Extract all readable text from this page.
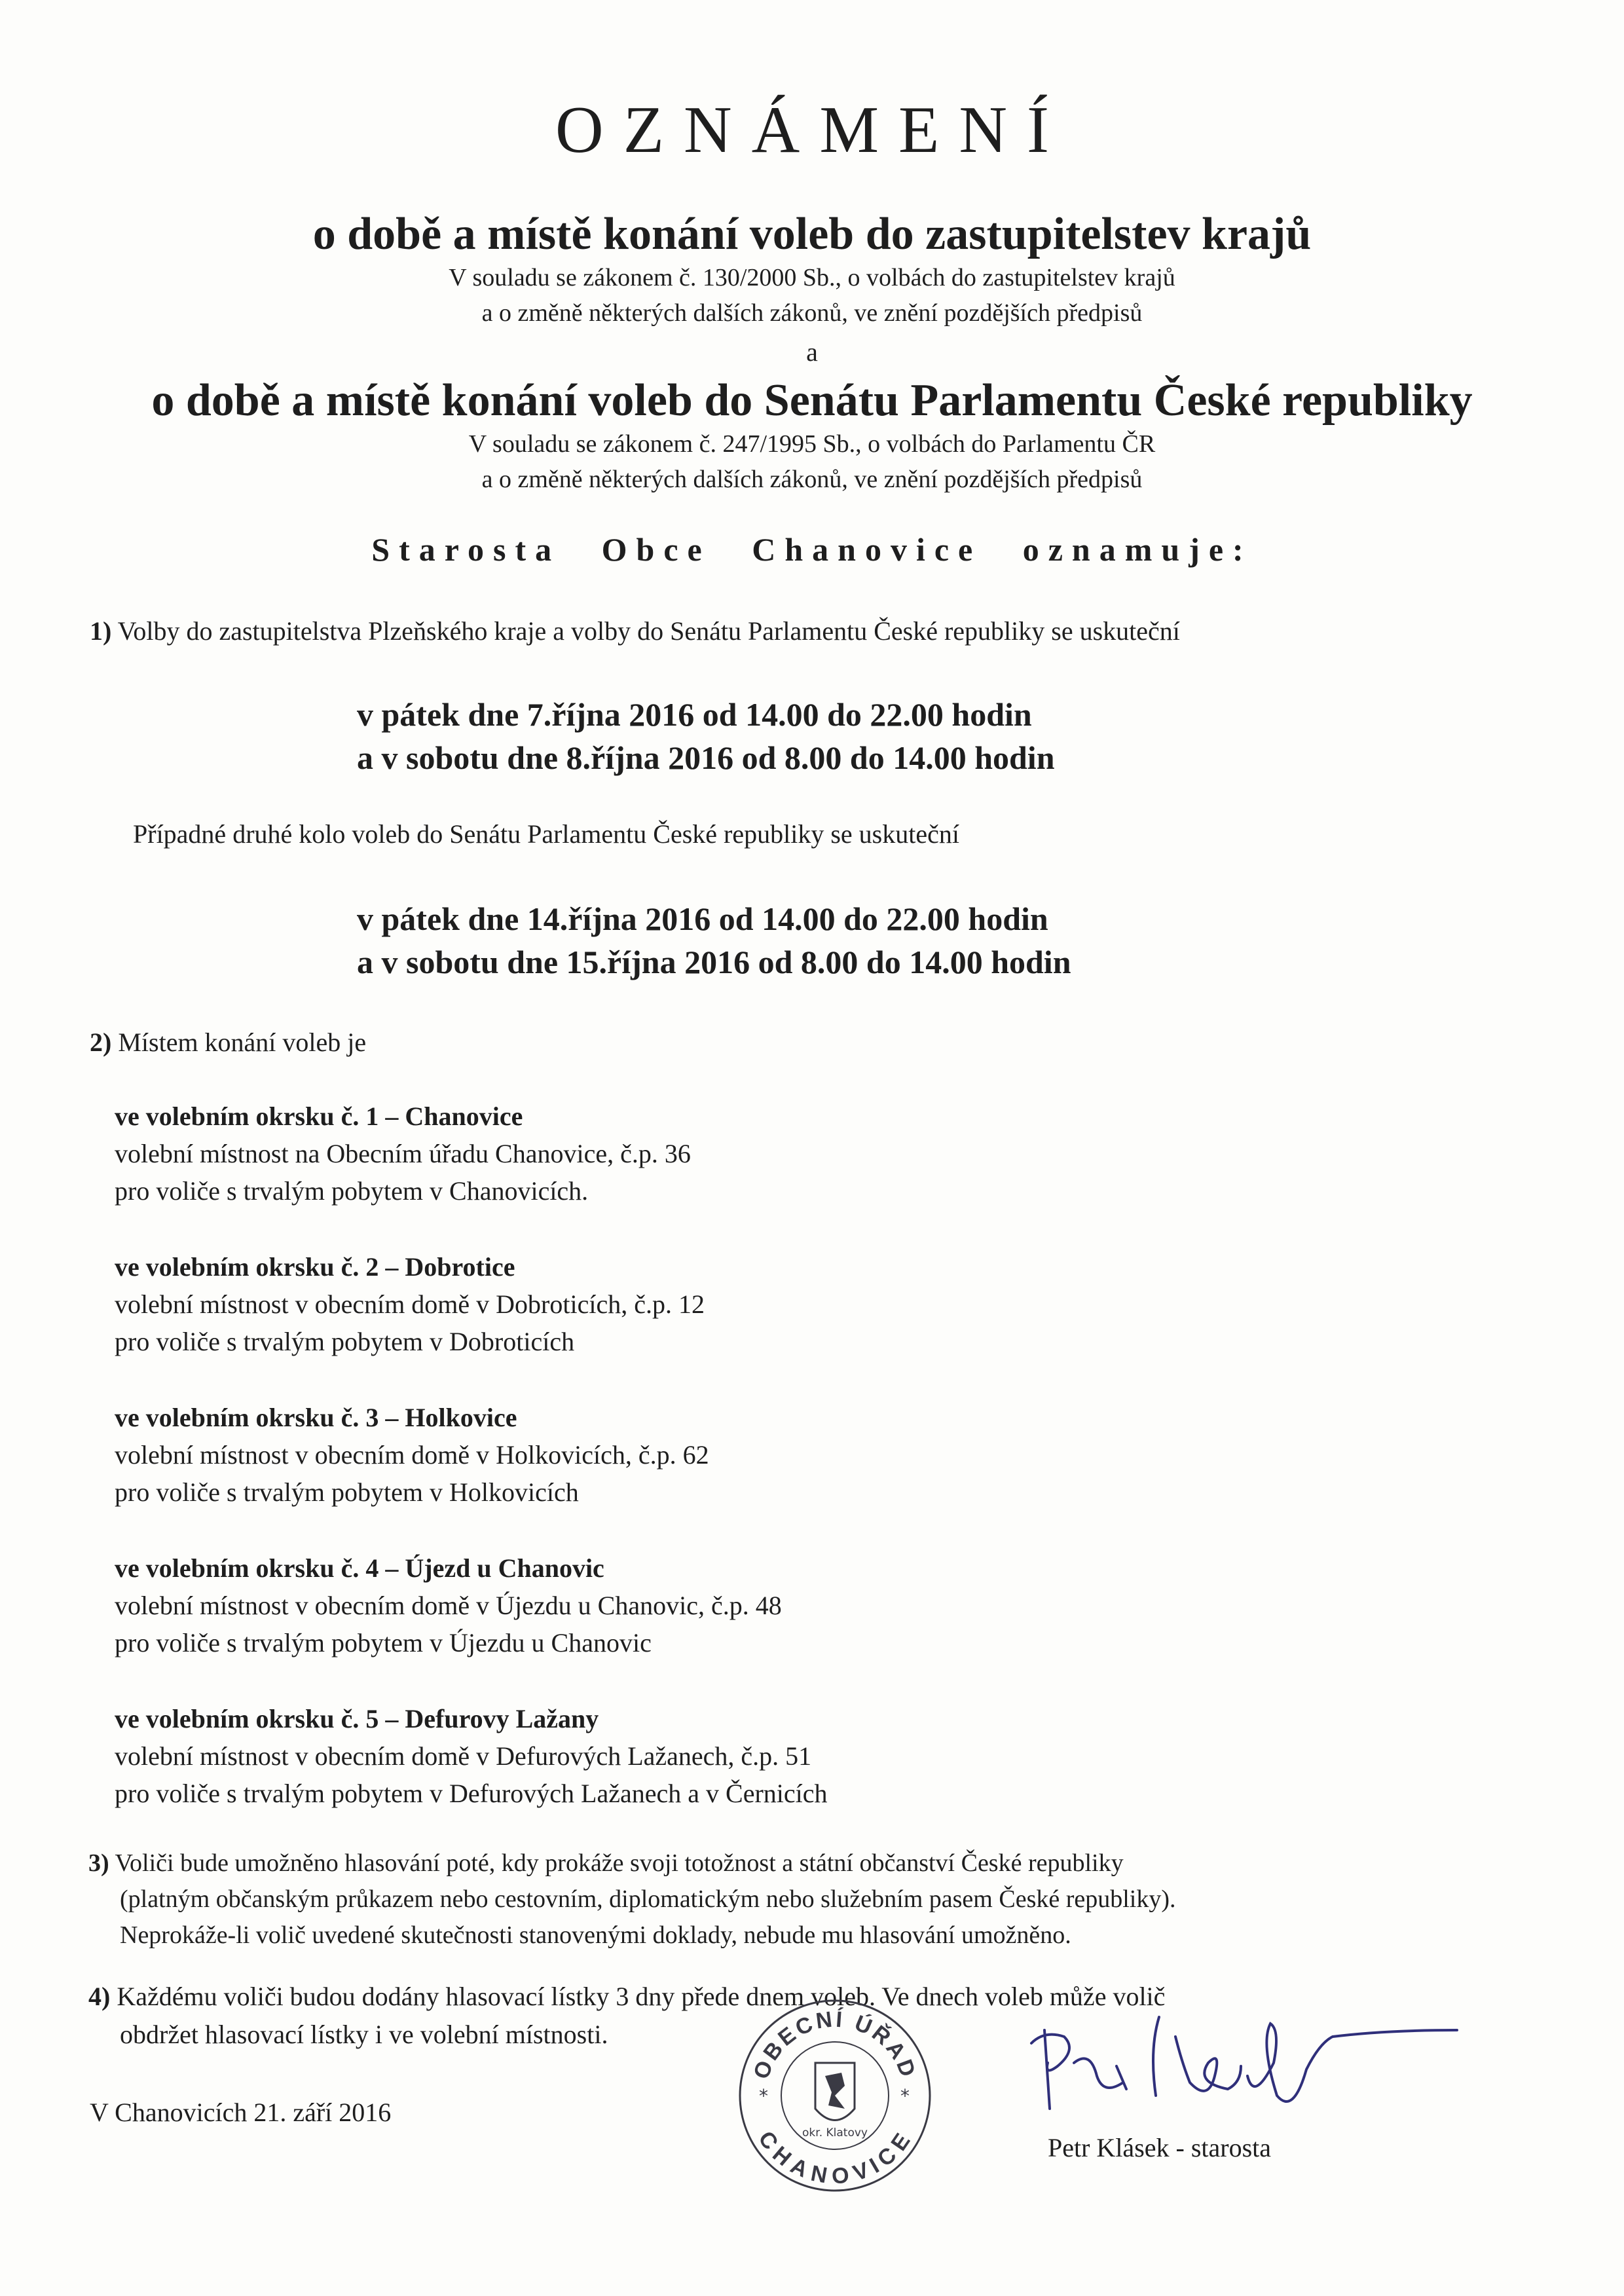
OZNÁMENÍ
o době a místě konání voleb do zastupitelstev krajů
V souladu se zákonem č. 130/2000 Sb., o volbách do zastupitelstev krajů
a o změně některých dalších zákonů, ve znění pozdějších předpisů
a
o době a místě konání voleb do Senátu Parlamentu České republiky
V souladu se zákonem č. 247/1995 Sb., o volbách do Parlamentu ČR
a o změně některých dalších zákonů, ve znění pozdějších předpisů
Starosta Obce Chanovice oznamuje:
1) Volby do zastupitelstva Plzeňského kraje a volby do Senátu Parlamentu České republiky se uskuteční
v pátek dne 7.října 2016 od 14.00 do 22.00 hodin
a v sobotu dne 8.října 2016 od 8.00 do 14.00 hodin
Případné druhé kolo voleb do Senátu Parlamentu České republiky se uskuteční
v pátek dne 14.října 2016 od 14.00 do 22.00 hodin
a v sobotu dne 15.října 2016 od 8.00 do 14.00 hodin
2) Místem konání voleb je
ve volebním okrsku č. 1 – Chanovice
volební místnost na Obecním úřadu Chanovice, č.p. 36
pro voliče s trvalým pobytem v Chanovicích.
ve volebním okrsku č. 2 – Dobrotice
volební místnost v obecním domě v Dobroticích, č.p. 12
pro voliče s trvalým pobytem v Dobroticích
ve volebním okrsku č. 3 – Holkovice
volební místnost v obecním domě v Holkovicích, č.p. 62
pro voliče s trvalým pobytem v Holkovicích
ve volebním okrsku č. 4 – Újezd u Chanovic
volební místnost v obecním domě v Újezdu u Chanovic, č.p. 48
pro voliče s trvalým pobytem v Újezdu u Chanovic
ve volebním okrsku č. 5 – Defurovy Lažany
volební místnost v obecním domě v Defurových Lažanech, č.p. 51
pro voliče s trvalým pobytem v Defurových Lažanech a v Černicích
3) Voliči bude umožněno hlasování poté, kdy prokáže svoji totožnost a státní občanství České republiky
(platným občanským průkazem nebo cestovním, diplomatickým nebo služebním pasem České republiky).
Neprokáže-li volič uvedené skutečnosti stanovenými doklady, nebude mu hlasování umožněno.
4) Každému voliči budou dodány hlasovací lístky 3 dny přede dnem voleb. Ve dnech voleb může volič
obdržet hlasovací lístky i ve volební místnosti.
V Chanovicích 21. září 2016
OBECNÍ ÚŘAD
CHANOVICE
*	*
okr. Klatovy	Petr Klásek - starosta
